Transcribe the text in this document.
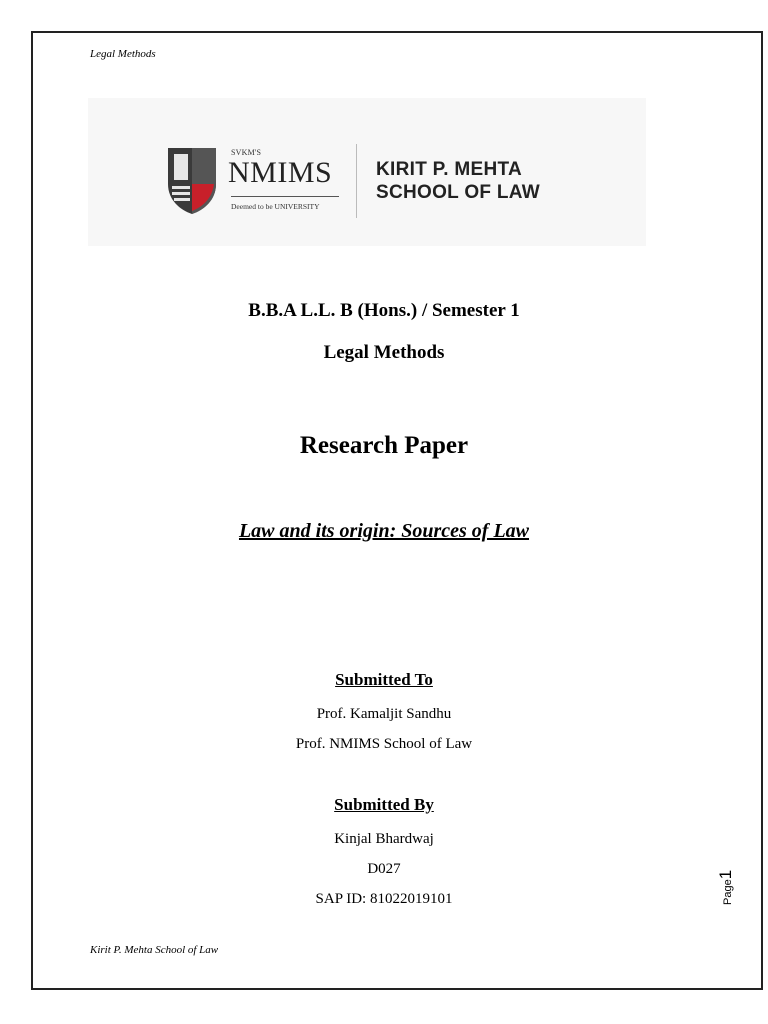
Legal Methods
SVKM'S
NMIMS
Deemed to be UNIVERSITY
KIRIT P. MEHTA
SCHOOL OF LAW
B.B.A L.L. B (Hons.) / Semester 1
Legal Methods
Research Paper
Law and its origin: Sources of Law
Submitted To
Prof. Kamaljit Sandhu
Prof. NMIMS School of Law
Submitted By
Kinjal Bhardwaj
D027
SAP ID: 81022019101
Kirit P. Mehta School of Law
Page1
